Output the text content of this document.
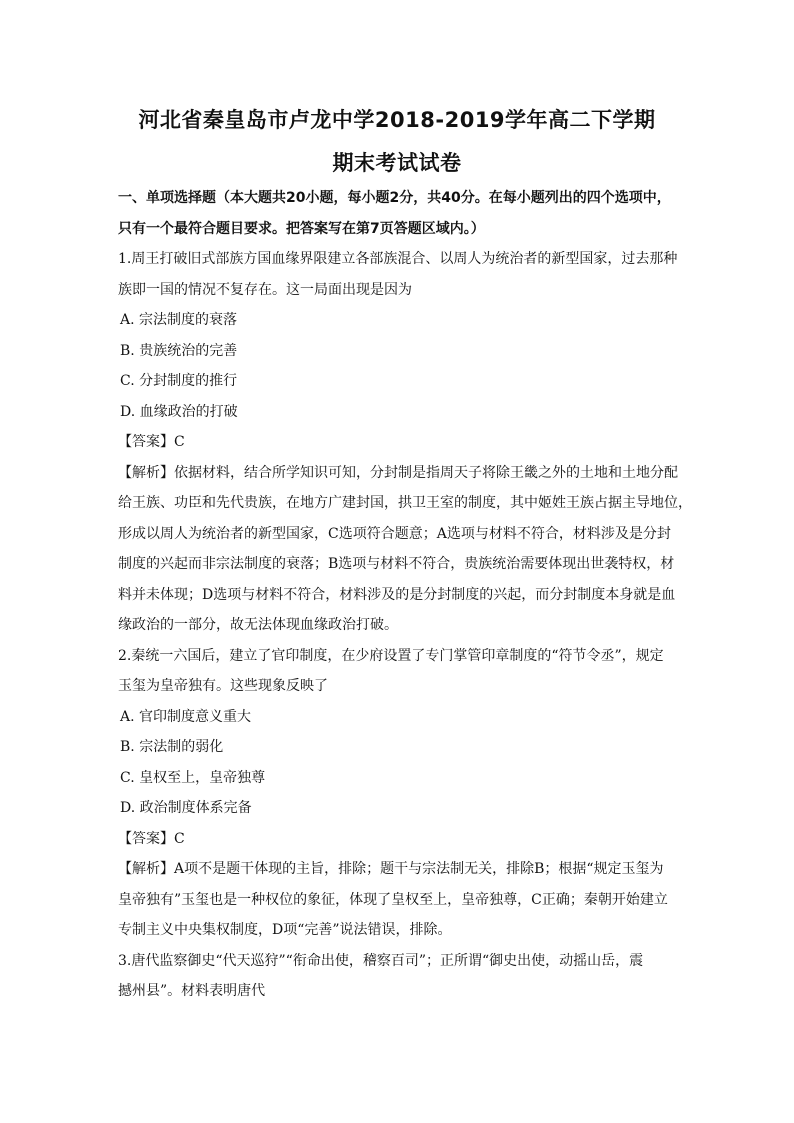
河北省秦皇岛市卢龙中学2018-2019学年高二下学期
期末考试试卷
一、单项选择题（本大题共20小题，每小题2分，共40分。在每小题列出的四个选项中，
只有一个最符合题目要求。把答案写在第7页答题区域内。）
1.周王打破旧式部族方国血缘界限建立各部族混合、以周人为统治者的新型国家，过去那种
族即一国的情况不复存在。这一局面出现是因为
A. 宗法制度的衰落
B. 贵族统治的完善
C. 分封制度的推行
D. 血缘政治的打破
【答案】C
【解析】依据材料，结合所学知识可知，分封制是指周天子将除王畿之外的土地和土地分配
给王族、功臣和先代贵族，在地方广建封国，拱卫王室的制度，其中姬姓王族占据主导地位，
形成以周人为统治者的新型国家，C选项符合题意；A选项与材料不符合，材料涉及是分封
制度的兴起而非宗法制度的衰落；B选项与材料不符合，贵族统治需要体现出世袭特权，材
料并未体现；D选项与材料不符合，材料涉及的是分封制度的兴起，而分封制度本身就是血
缘政治的一部分，故无法体现血缘政治打破。
2.秦统一六国后，建立了官印制度，在少府设置了专门掌管印章制度的“符节令丞”，规定
玉玺为皇帝独有。这些现象反映了
A. 官印制度意义重大
B. 宗法制的弱化
C. 皇权至上，皇帝独尊
D. 政治制度体系完备
【答案】C
【解析】A项不是题干体现的主旨，排除；题干与宗法制无关，排除B；根据“规定玉玺为
皇帝独有”玉玺也是一种权位的象征，体现了皇权至上，皇帝独尊，C正确；秦朝开始建立
专制主义中央集权制度，D项“完善”说法错误，排除。
3.唐代监察御史“代天巡狩”“衔命出使，稽察百司”；正所谓“御史出使，动摇山岳，震
撼州县”。材料表明唐代
